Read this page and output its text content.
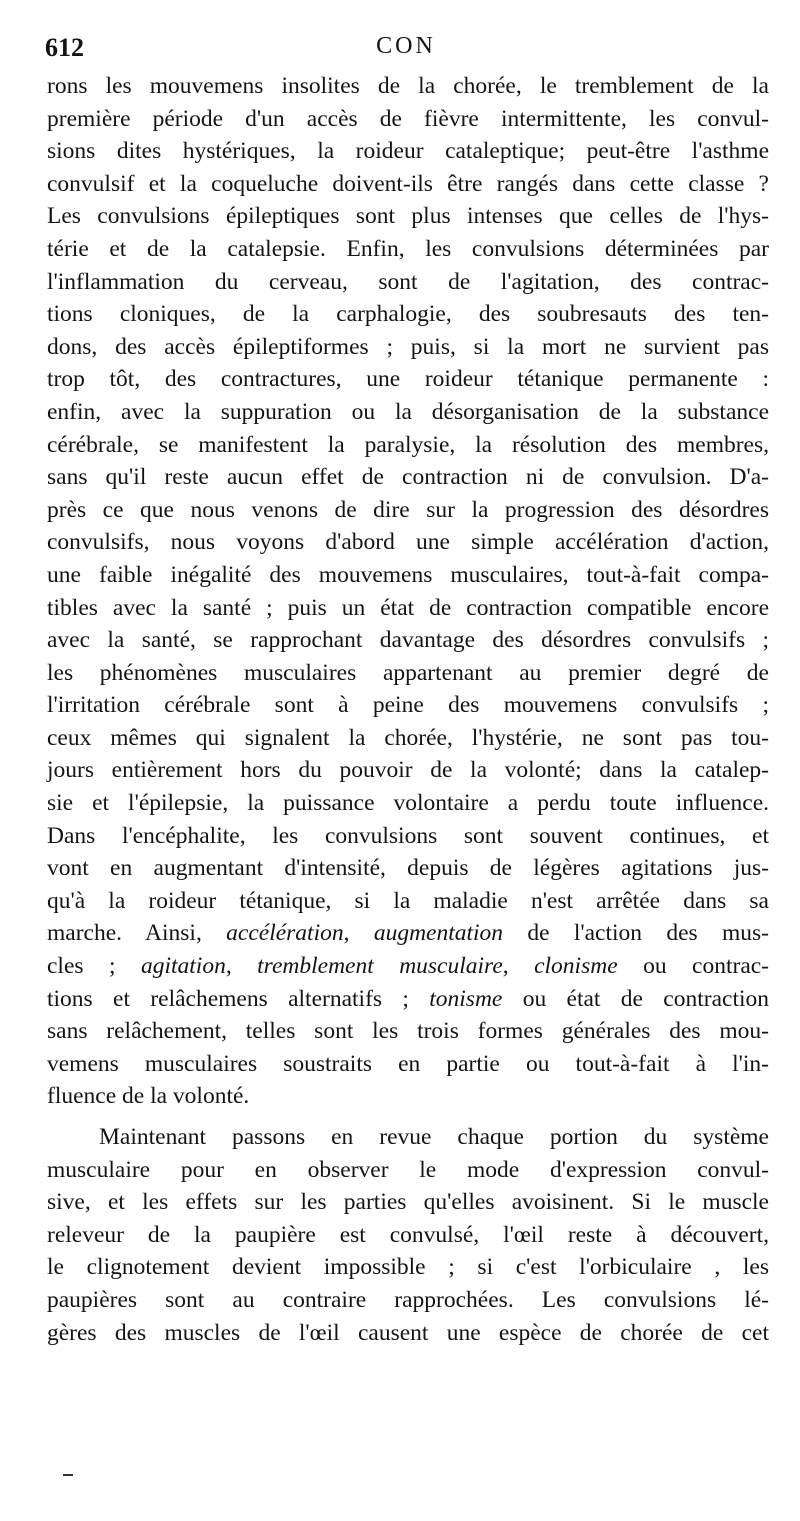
612	CON
rons les mouvemens insolites de la chorée, le tremblement de la
première période d'un accès de fièvre intermittente, les convul-
sions dites hystériques, la roideur cataleptique; peut-être l'asthme
convulsif et la coqueluche doivent-ils être rangés dans cette classe ?
Les convulsions épileptiques sont plus intenses que celles de l'hys-
térie et de la catalepsie. Enfin, les convulsions déterminées par
l'inflammation du cerveau, sont de l'agitation, des contrac-
tions cloniques, de la carphalogie, des soubresauts des ten-
dons, des accès épileptiformes ; puis, si la mort ne survient pas
trop tôt, des contractures, une roideur tétanique permanente :
enfin, avec la suppuration ou la désorganisation de la substance
cérébrale, se manifestent la paralysie, la résolution des membres,
sans qu'il reste aucun effet de contraction ni de convulsion. D'a-
près ce que nous venons de dire sur la progression des désordres
convulsifs, nous voyons d'abord une simple accélération d'action,
une faible inégalité des mouvemens musculaires, tout-à-fait compa-
tibles avec la santé ; puis un état de contraction compatible encore
avec la santé, se rapprochant davantage des désordres convulsifs ;
les phénomènes musculaires appartenant au premier degré de
l'irritation cérébrale sont à peine des mouvemens convulsifs ;
ceux mêmes qui signalent la chorée, l'hystérie, ne sont pas tou-
jours entièrement hors du pouvoir de la volonté; dans la catalep-
sie et l'épilepsie, la puissance volontaire a perdu toute influence.
Dans l'encéphalite, les convulsions sont souvent continues, et
vont en augmentant d'intensité, depuis de légères agitations jus-
qu'à la roideur tétanique, si la maladie n'est arrêtée dans sa
marche. Ainsi, accélération, augmentation de l'action des mus-
cles ; agitation, tremblement musculaire, clonisme ou contrac-
tions et relâchemens alternatifs ; tonisme ou état de contraction
sans relâchement, telles sont les trois formes générales des mou-
vemens musculaires soustraits en partie ou tout-à-fait à l'in-
fluence de la volonté.
Maintenant passons en revue chaque portion du système
musculaire pour en observer le mode d'expression convul-
sive, et les effets sur les parties qu'elles avoisinent. Si le muscle
releveur de la paupière est convulsé, l'œil reste à découvert,
le clignotement devient impossible ; si c'est l'orbiculaire , les
paupières sont au contraire rapprochées. Les convulsions lé-
gères des muscles de l'œil causent une espèce de chorée de cet
